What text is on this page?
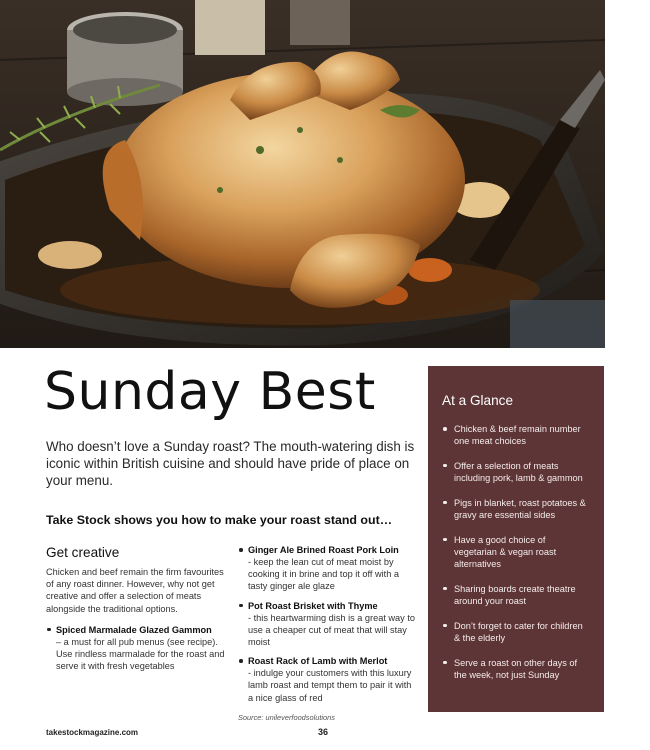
Sunday Best

Who doesn’t love a Sunday roast? The mouth-watering dish is iconic within British cuisine and should have pride of place on your menu.

Take Stock shows you how to make your roast stand out…

Get creative

Chicken and beef remain the firm favourites of any roast dinner. However, why not get creative and offer a selection of meats alongside the traditional options.

Spiced Marmalade Glazed Gammon
– a must for all pub menus (see recipe). Use rindless marmalade for the roast and serve it with fresh vegetables
Ginger Ale Brined Roast Pork Loin
- keep the lean cut of meat moist by cooking it in brine and top it off with a tasty ginger ale glaze
Pot Roast Brisket with Thyme
- this heartwarming dish is a great way to use a cheaper cut of meat that will stay moist
Roast Rack of Lamb with Merlot
- indulge your customers with this luxury lamb roast and tempt them to pair it with a nice glass of red
Source: unileverfoodsolutions
At a Glance
Chicken & beef remain number one meat choices
Offer a selection of meats including pork, lamb & gammon
Pigs in blanket, roast potatoes & gravy are essential sides
Have a good choice of vegetarian & vegan roast alternatives
Sharing boards create theatre around your roast
Don’t forget to cater for children & the elderly
Serve a roast on other days of the week, not just Sunday
takestockmagazine.com	36
